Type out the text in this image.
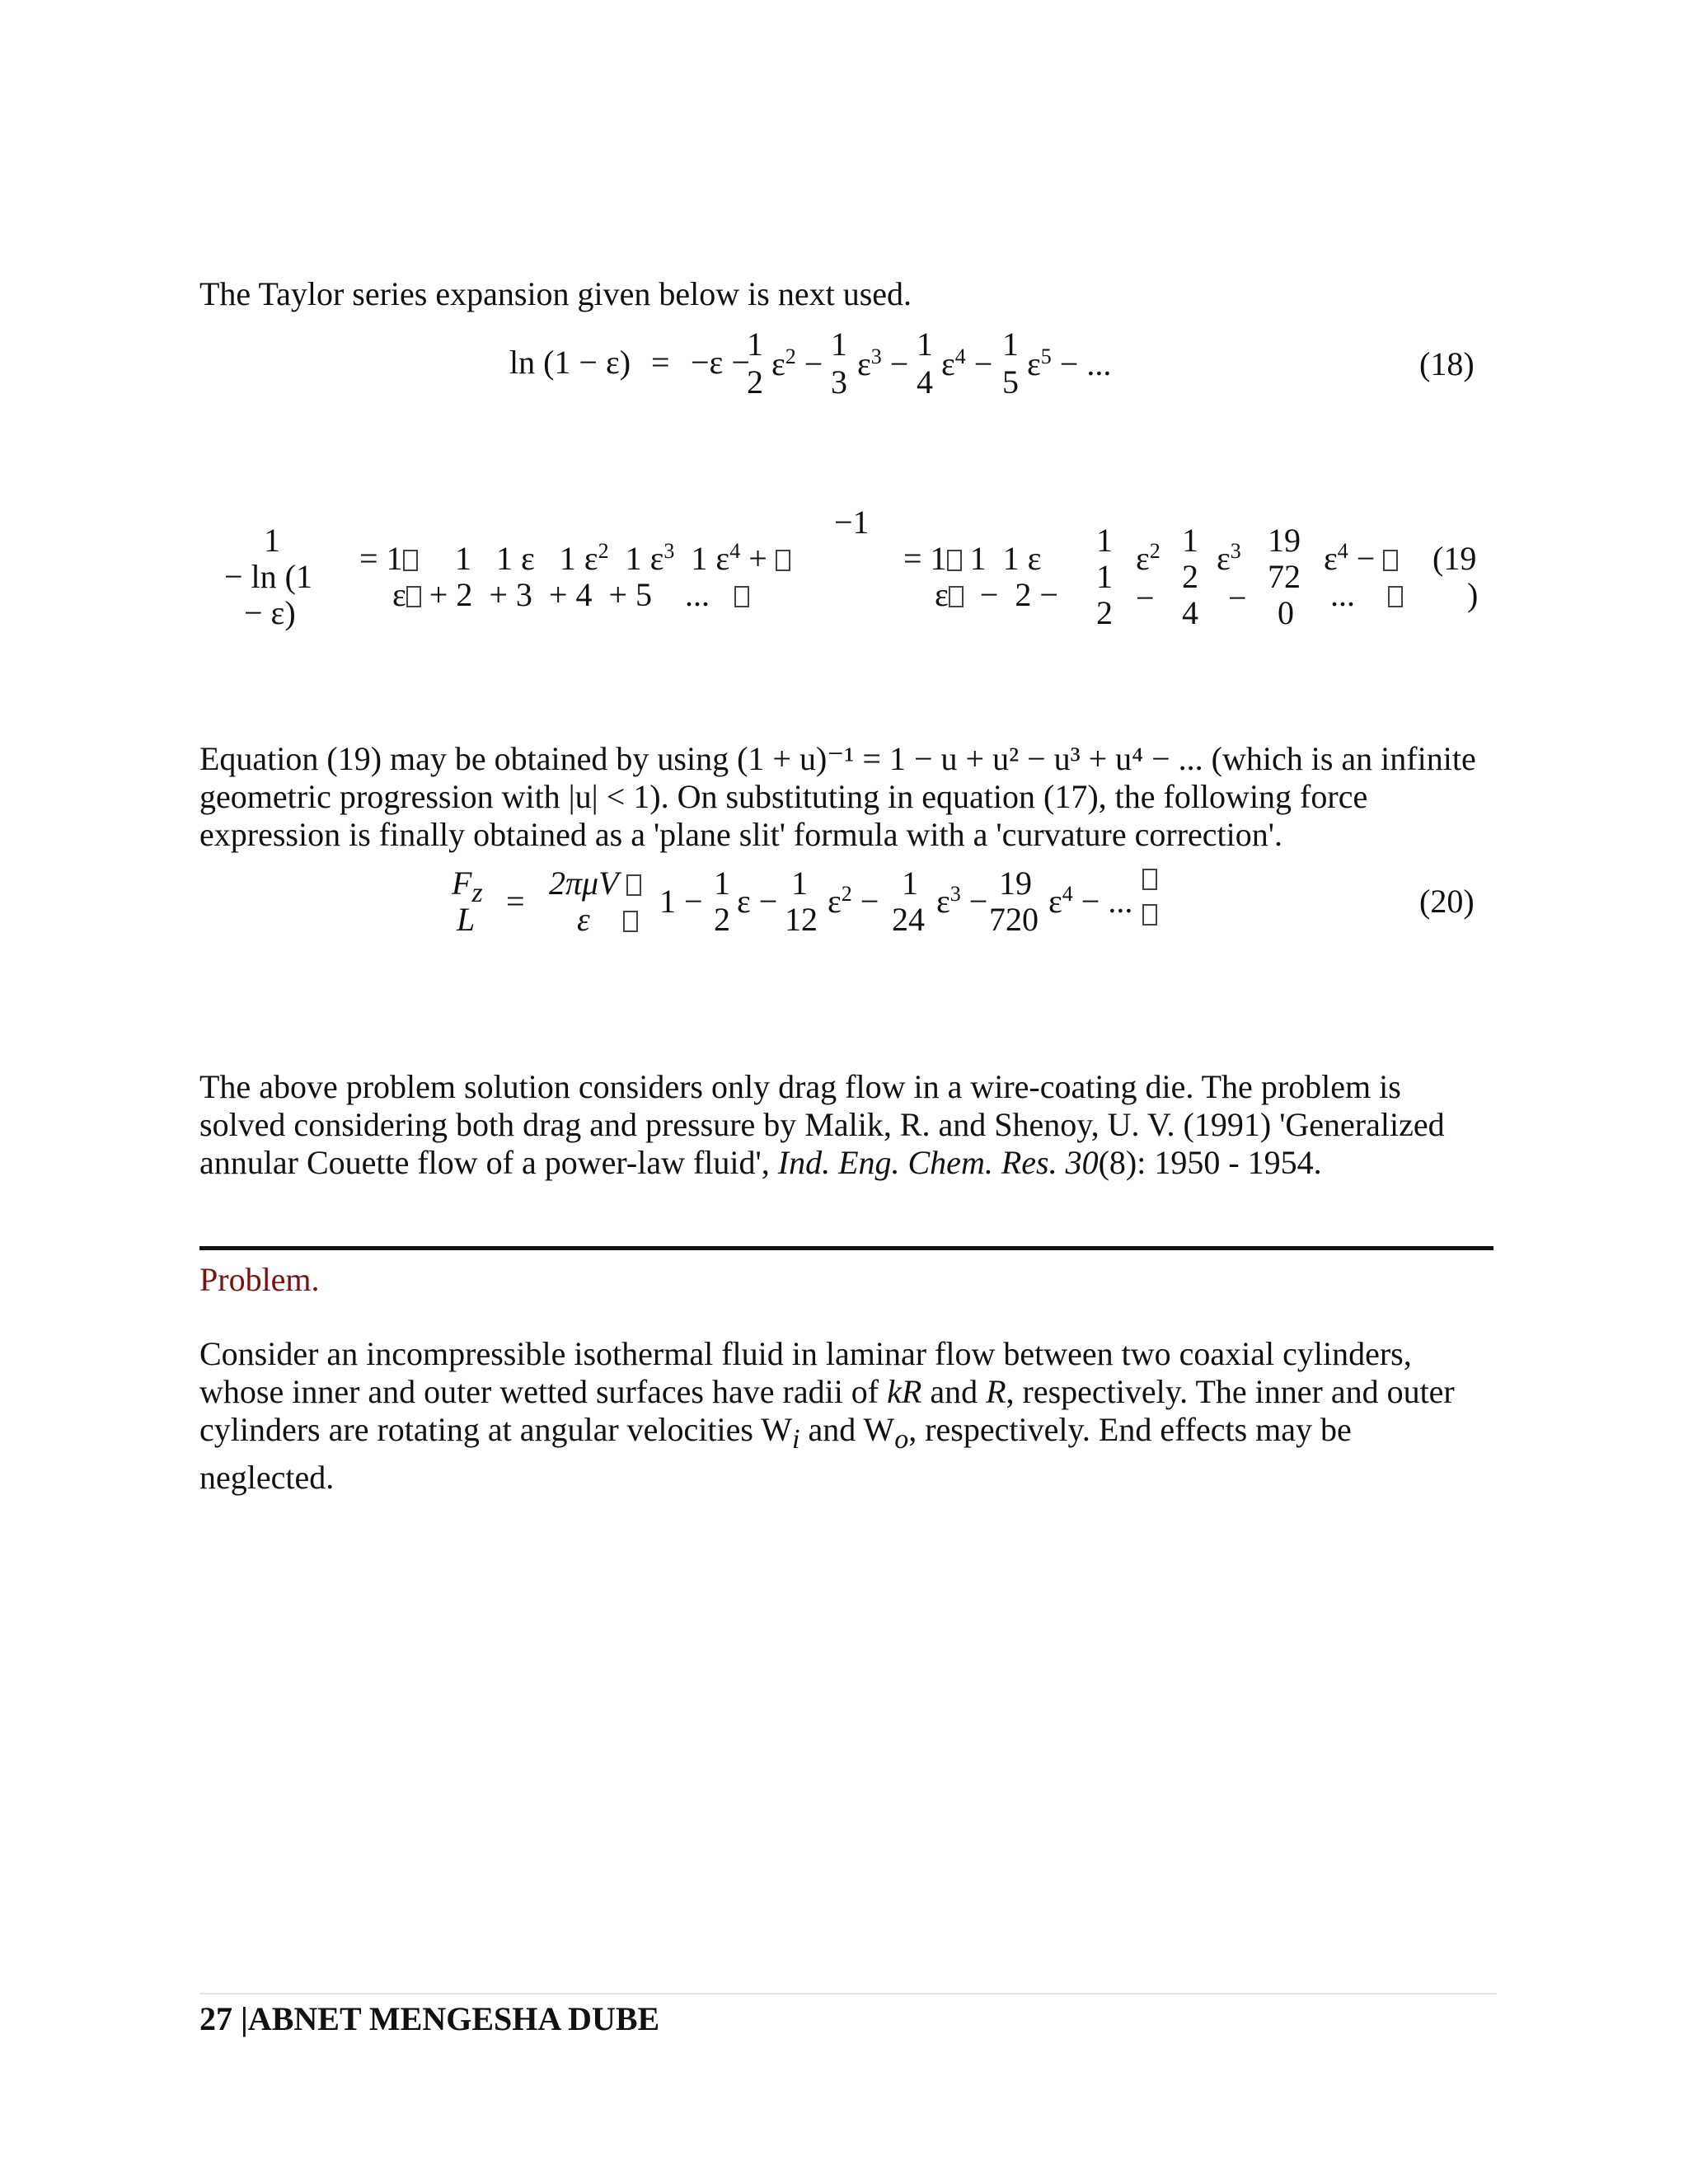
The Taylor series expansion given below is next used.
ln (1 − ε) = −ε −
1
2 $\varepsilon^2$ −
1
3 $\varepsilon^3$ −
1
4 $\varepsilon^4$ −
1
5 $\varepsilon^5$ − ...	(18)
1
− ln (1
− ε)
= 1	1 1 ε 1 $\varepsilon^2$ 1 $\varepsilon^3$ 1 $\varepsilon^4$ +
ε + 2 + 3 + 4 + 5 ...
−1
= 1 1 1 ε
ε − 2 −
1
1
2
$\varepsilon^2$
−
1
2
4
$\varepsilon^3$
−
19
72
0
$\varepsilon^4$ −
...
(19
)
Equation (19) may be obtained by using (1 + u)⁻¹ = 1 − u + u² − u³ + u⁴ − ... (which is an infinite
geometric progression with |u| < 1). On substituting in equation (17), the following force
expression is finally obtained as a 'plane slit' formula with a 'curvature correction'.
$F_z$
L = 2πμV
ε	1 − 1
2 ε − 1
12 $\varepsilon^2 - 1$
24 $\varepsilon^3 - 19$
720 $\varepsilon^4$ − ...	(20)
The above problem solution considers only drag flow in a wire-coating die. The problem is
solved considering both drag and pressure by Malik, R. and Shenoy, U. V. (1991) 'Generalized
annular Couette flow of a power-law fluid', Ind. Eng. Chem. Res. 30(8): 1950 - 1954.
Problem.
Consider an incompressible isothermal fluid in laminar flow between two coaxial cylinders,
whose inner and outer wetted surfaces have radii of kR and R, respectively. The inner and outer
cylinders are rotating at angular velocities $W_i$ and $W_o$, respectively. End effects may be
neglected.
27 |ABNET MENGESHA DUBE
